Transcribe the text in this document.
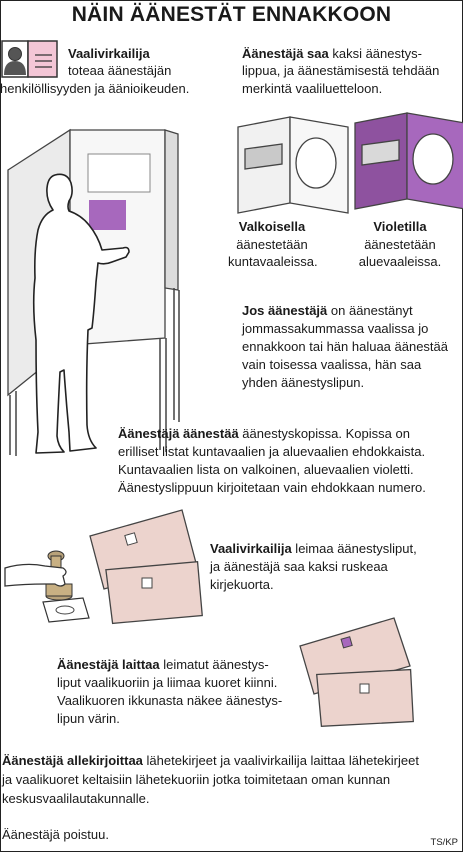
NÄIN ÄÄNESTÄT ENNAKKOON
Vaalivirkailija
toteaa äänestäjän
henkilöllisyyden ja äänioikeuden.
Äänestäjä saa kaksi äänestys-
lippua, ja äänestämisestä tehdään
merkintä vaaliluetteloon.
Valkoisella
äänestetään
kuntavaaleissa.
Violetilla
äänestetään
aluevaaleissa.
Jos äänestäjä on äänestänyt
jommassakummassa vaalissa jo
ennakkoon tai hän haluaa äänestää
vain toisessa vaalissa, hän saa
yhden äänestyslipun.
Äänestäjä äänestää äänestyskopissa. Kopissa on
erilliset listat kuntavaalien ja aluevaalien ehdokkaista.
Kuntavaalien lista on valkoinen, aluevaalien violetti.
Äänestyslippuun kirjoitetaan vain ehdokkaan numero.
Vaalivirkailija leimaa äänestysliput,
ja äänestäjä saa kaksi ruskeaa
kirjekuorta.
Äänestäjä laittaa leimatut äänestys-
liput vaalikuoriin ja liimaa kuoret kiinni.
Vaalikuoren ikkunasta näkee äänestys-
lipun värin.
Äänestäjä allekirjoittaa lähetekirjeet ja vaalivirkailija laittaa lähetekirjeet
ja vaalikuoret keltaisiin lähetekuoriin jotka toimitetaan oman kunnan
keskusvaalilautakunnalle.
Äänestäjä poistuu.
TS/KP
